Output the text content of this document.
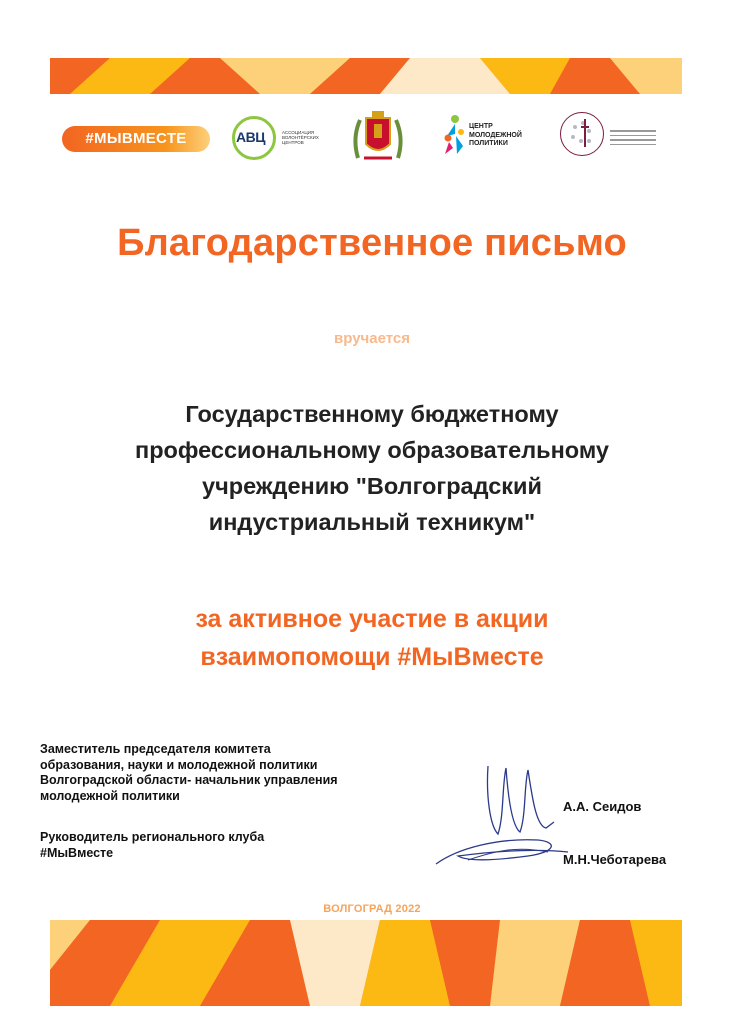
#МЫВМЕСТЕ	АВЦ	АССОЦИАЦИЯ ВОЛОНТЁРСКИХ ЦЕНТРОВ
ЦЕНТР
МОЛОДЕЖНОЙ
ПОЛИТИКИ
Благодарственное письмо
вручается
Государственному бюджетному
профессиональному образовательному
учреждению "Волгоградский
индустриальный техникум"
за активное участие в акции
взаимопомощи #МыВместе
Заместитель председателя комитета
образования, науки и молодежной политики
Волгоградской области- начальник управления
молодежной политики
Руководитель регионального клуба
#МыВместе
А.А. Сеидов
М.Н.Чеботарева
ВОЛГОГРАД 2022
